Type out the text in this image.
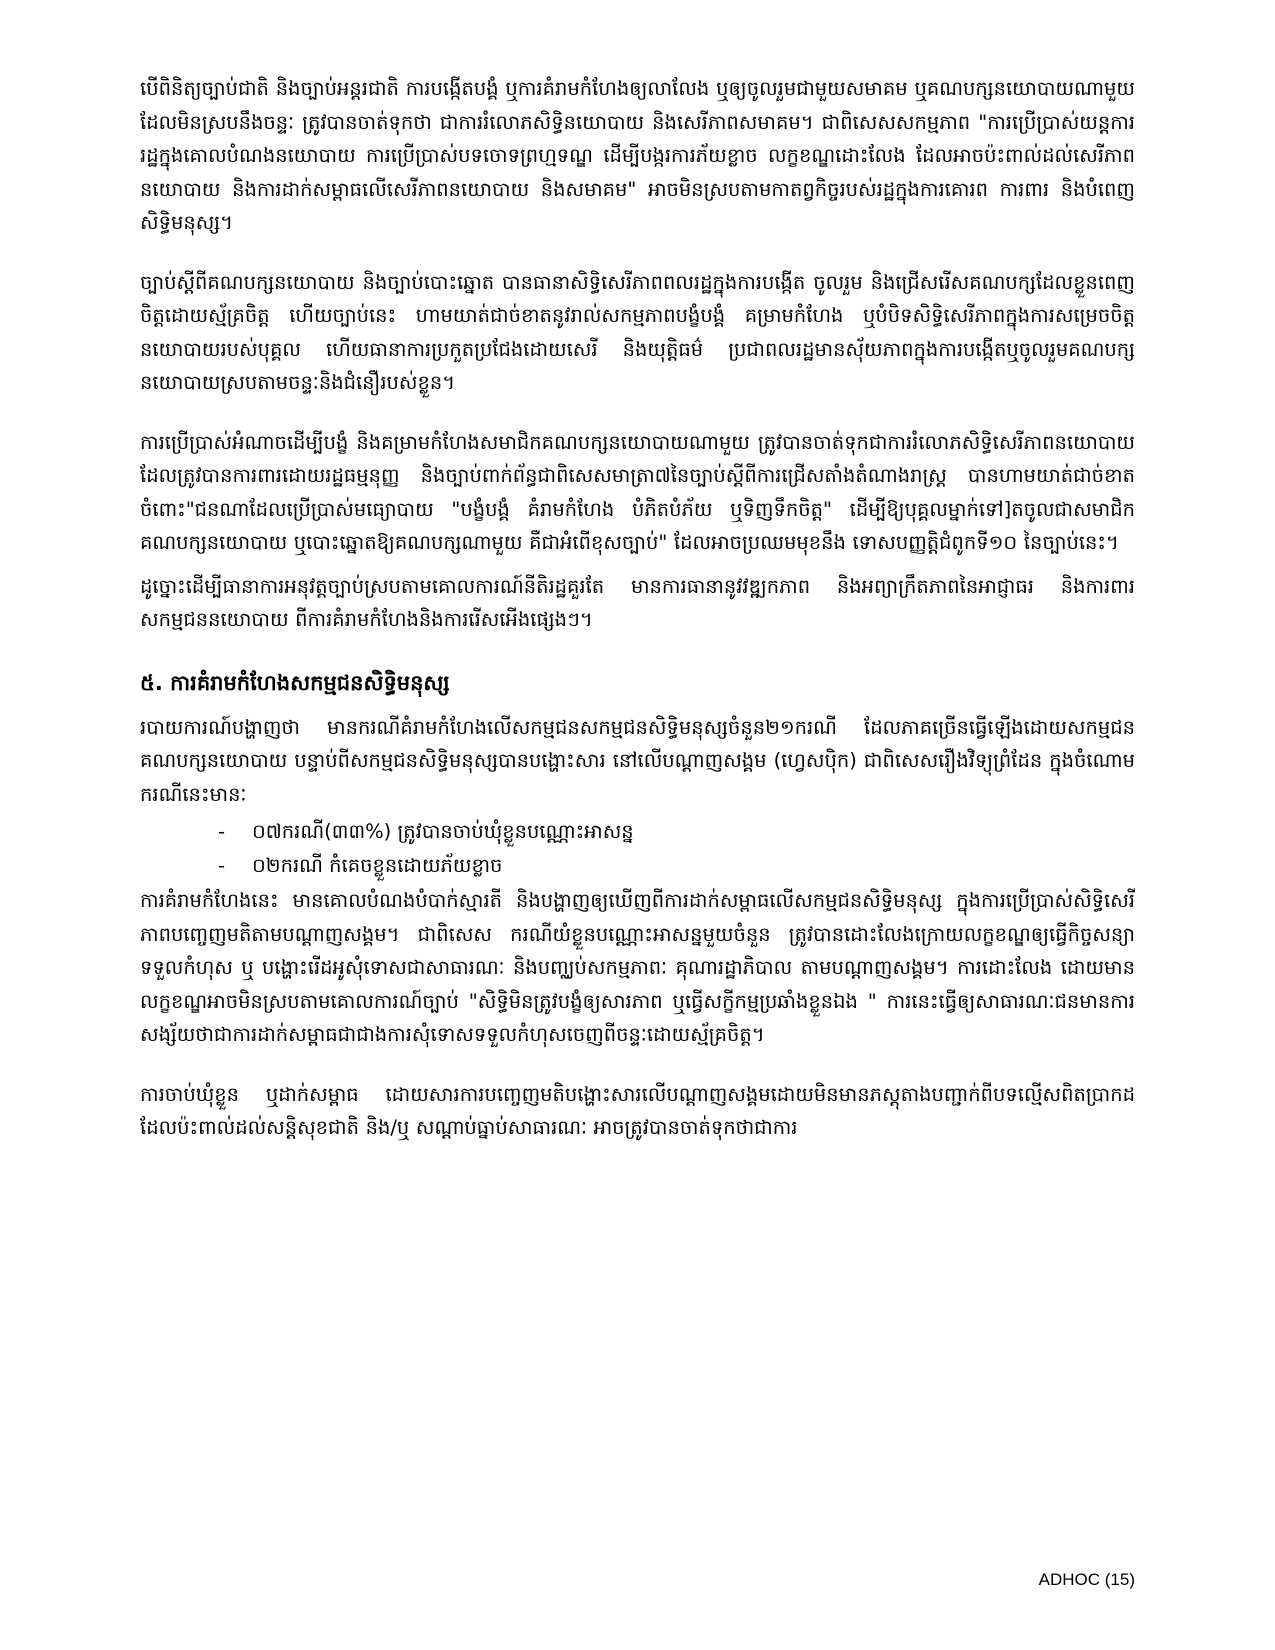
បើពិនិត្យច្បាប់ជាតិ និងច្បាប់អន្តរជាតិ ការបង្កើតបង្គំ ឬការគំរាមកំហែងឲ្យលាលែង ឬឲ្យចូលរួមជាមួយសមាគម ឬគណបក្សនយោបាយណាមួយ ដែលមិនស្របនឹងចន្ទៈ ត្រូវបានចាត់ទុកថា ជាការរំលោភសិទ្ធិនយោបាយ និងសេរីភាពសមាគម។ ជាពិសេសសកម្មភាព "ការប្រើប្រាស់យន្តការរដ្ឋក្នុងគោលបំណងនយោបាយ ការប្រើប្រាស់បទចោទព្រហ្មទណ្ឌ ដើម្បីបង្ករការភ័យខ្លាច លក្ខខណ្ឌដោះលែង ដែលអាចប៉ះពាល់ដល់សេរីភាពនយោបាយ និងការដាក់សម្ពាធលើសេរីភាពនយោបាយ និងសមាគម" អាចមិនស្របតាមកាតព្វកិច្ចរបស់រដ្ឋក្នុងការគោរព ការពារ និងបំពេញសិទ្ធិមនុស្ស។

ច្បាប់ស្តីពីគណបក្សនយោបាយ និងច្បាប់បោះឆ្នោត បានធានាសិទ្ធិសេរីភាពពលរដ្ឋក្នុងការបង្កើត ចូលរួម និងជ្រើសរើសគណបក្សដែលខ្លួនពេញចិត្តដោយស្ម័គ្រចិត្ត ហើយច្បាប់នេះ ហាមយាត់ជាច់ខាតនូវរាល់សកម្មភាពបង្ខំបង្គំ គម្រាមកំហែង ឬបំបិទសិទ្ធិសេរីភាពក្នុងការសម្រេចចិត្តនយោបាយរបស់បុគ្គល ហើយធានាការប្រកួតប្រជែងដោយសេរី និងយុត្តិធម៌ ប្រជាពលរដ្ឋមានសុ័យភាពក្នុងការបង្កើតឬចូលរួមគណបក្សនយោបាយស្របតាមចន្ទៈនិងជំនឿរបស់ខ្លួន។

ការប្រើប្រាស់អំណាចដើម្បីបង្ខំ និងគម្រាមកំហែងសមាជិកគណបក្សនយោបាយណាមួយ ត្រូវបានចាត់ទុកជាការរំលោភសិទ្ធិសេរីភាពនយោបាយដែលត្រូវបានការពារដោយរដ្ឋធម្មនុញ្ញ និងច្បាប់ពាក់ព័ន្ធជាពិសេសមាត្រា៧នៃច្បាប់ស្តីពីការជ្រើសតាំងតំណាងរាស្ត្រ បានហាមយាត់ជាច់ខាតចំពោះ"ជនណាដែលប្រើប្រាស់មធ្យោបាយ "បង្ខំបង្គំ គំរាមកំហែង បំភិតបំភ័យ ឬទិញទឹកចិត្ត" ដើម្បីឱ្យបុគ្គលម្នាក់ទៅ]តចូលជាសមាជិកគណបក្សនយោបាយ ឬបោះឆ្នោតឱ្យគណបក្សណាមួយ គឺជាអំពើខុសច្បាប់" ដែលអាចប្រឈមមុខនឹង ទោសបញ្ញត្តិជំពូកទី១០ នៃច្បាប់នេះ។

ដូច្នោះដើម្បីធានាការអនុវត្តច្បាប់ស្របតាមគោលការណ៍នីតិរដ្ឋគួរតែ មានការធានានូវវឌ្ឍកភាព និងអព្យាក្រឹតភាពនៃអាជ្ញាធរ និងការពារសកម្មជននយោបាយ ពីការគំរាមកំហែងនិងការរើសអើងផ្សេងៗ។

៥. ការគំរាមកំហែងសកម្មជនសិទ្ធិមនុស្ស

របាយការណ៍បង្ហាញថា មានករណីគំរាមកំហែងលើសកម្មជនសកម្មជនសិទ្ធិមនុស្សចំនួន២១ករណី ដែលភាគច្រើនធ្វើឡើងដោយសកម្មជនគណបក្សនយោបាយ បន្ទាប់ពីសកម្មជនសិទ្ធិមនុស្សបានបង្ហោះសារ នៅលើបណ្តាញសង្គម (ហ្វេសបុិក) ជាពិសេសរឿងវិទ្យុព្រំដែន ក្នុងចំណោមករណីនេះមានៈ

- ០៧ករណី(៣៣%) ត្រូវបានចាប់ឃុំខ្លួនបណ្ណោះអាសន្ន
- ០២ករណី កំគេចខ្លួនដោយភ័យខ្លាច

ការគំរាមកំហែងនេះ មានគោលបំណងបំបាក់ស្មារតី និងបង្ហាញឲ្យឃើញពីការដាក់សម្ពាធលើសកម្មជនសិទ្ធិមនុស្ស ក្នុងការប្រើប្រាស់សិទ្ធិសេរីភាពបញ្ចេញមតិតាមបណ្តាញសង្គម។ ជាពិសេស ករណីយំខ្លួនបណ្ណោះអាសន្នមួយចំនួន ត្រូវបានដោះលែងក្រោយលក្ខខណ្ឌឲ្យធ្វើកិច្ចសន្យាទទួលកំហុស ឬ បង្ហោះរើដអូសុំទោសជាសាធារណៈ និងបញ្ឈប់សកម្មភាពៈ គុណារដ្ឋាភិបាល តាមបណ្តាញសង្គម។ ការដោះលែង ដោយមានលក្ខខណ្ឌអាចមិនស្របតាមគោលការណ៍ច្បាប់ "សិទ្ធិមិនត្រូវបង្ខំឲ្យសារភាព ឬធ្វើសក្ខីកម្មប្រឆាំងខ្លួនឯង " ការនេះធ្វើឲ្យសាធារណៈជនមានការសង្ស័យថាជាការដាក់សម្ពាធជាជាងការសុំទោសទទួលកំហុសចេញពីចន្ទៈដោយស្ម័គ្រចិត្ត។

ការចាប់ឃុំខ្លួន ឬដាក់សម្ពាធ ដោយសារការបញ្ចេញមតិបង្ហោះសារលើបណ្តាញសង្គមដោយមិនមានភស្តុតាងបញ្ជាក់ពីបទល្មើសពិតប្រាកដ ដែលប៉ះពាល់ដល់សន្តិសុខជាតិ និង/ឬ សណ្តាប់ធ្នាប់សាធារណៈ អាចត្រូវបានចាត់ទុកថាជាការ

ADHOC (15)
